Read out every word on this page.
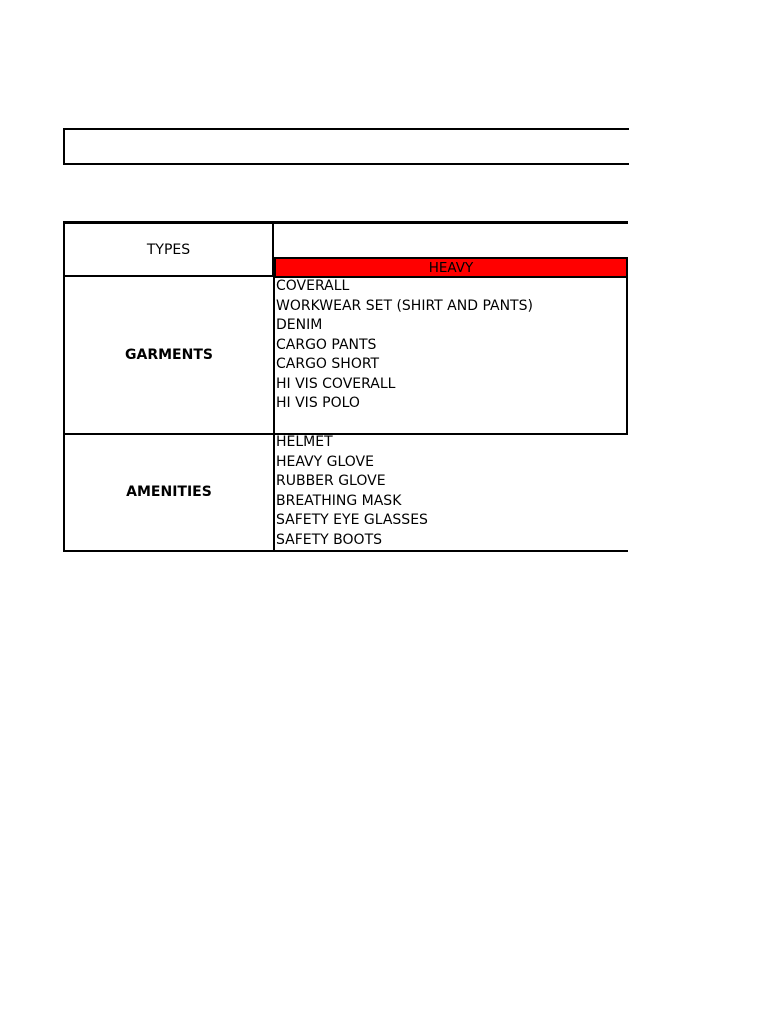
TYPES
HEAVY
GARMENTS
COVERALL
WORKWEAR SET (SHIRT AND PANTS)
DENIM
CARGO PANTS
CARGO SHORT
HI VIS COVERALL
HI VIS POLO
AMENITIES
HELMET
HEAVY GLOVE
RUBBER GLOVE
BREATHING MASK
SAFETY EYE GLASSES
SAFETY BOOTS
